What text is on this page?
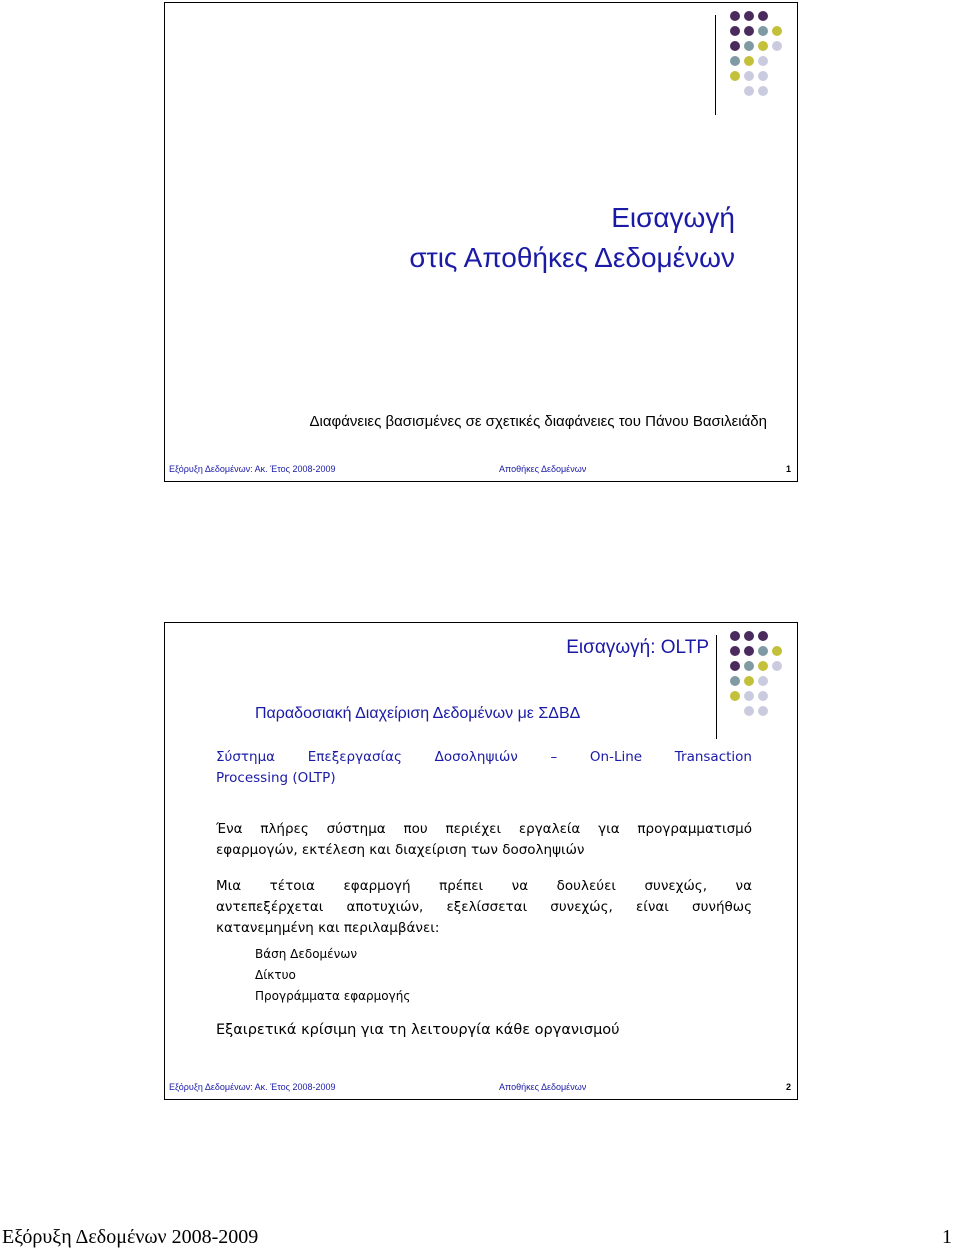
Εισαγωγή
στις Αποθήκες Δεδομένων
Διαφάνειες βασισμένες σε σχετικές διαφάνειες του Πάνου Βασιλειάδη
Εξόρυξη Δεδομένων: Ακ. Έτος 2008-2009	Αποθήκες Δεδομένων	1
Εισαγωγή: OLTP
Παραδοσιακή Διαχείριση Δεδομένων με ΣΔΒΔ
Σύστημα Επεξεργασίας Δοσοληψιών – On-Line Transaction
Processing (OLTP)
Ένα πλήρες σύστημα που περιέχει εργαλεία για προγραμματισμό
εφαρμογών, εκτέλεση και διαχείριση των δοσοληψιών
Μια τέτοια εφαρμογή πρέπει να δουλεύει συνεχώς, να
αντεπεξέρχεται αποτυχιών, εξελίσσεται συνεχώς, είναι συνήθως
κατανεμημένη και περιλαμβάνει:
Βάση Δεδομένων
Δίκτυο
Προγράμματα εφαρμογής
Εξαιρετικά κρίσιμη για τη λειτουργία κάθε οργανισμού
Εξόρυξη Δεδομένων: Ακ. Έτος 2008-2009	Αποθήκες Δεδομένων	2
Εξόρυξη Δεδομένων 2008-2009	1
